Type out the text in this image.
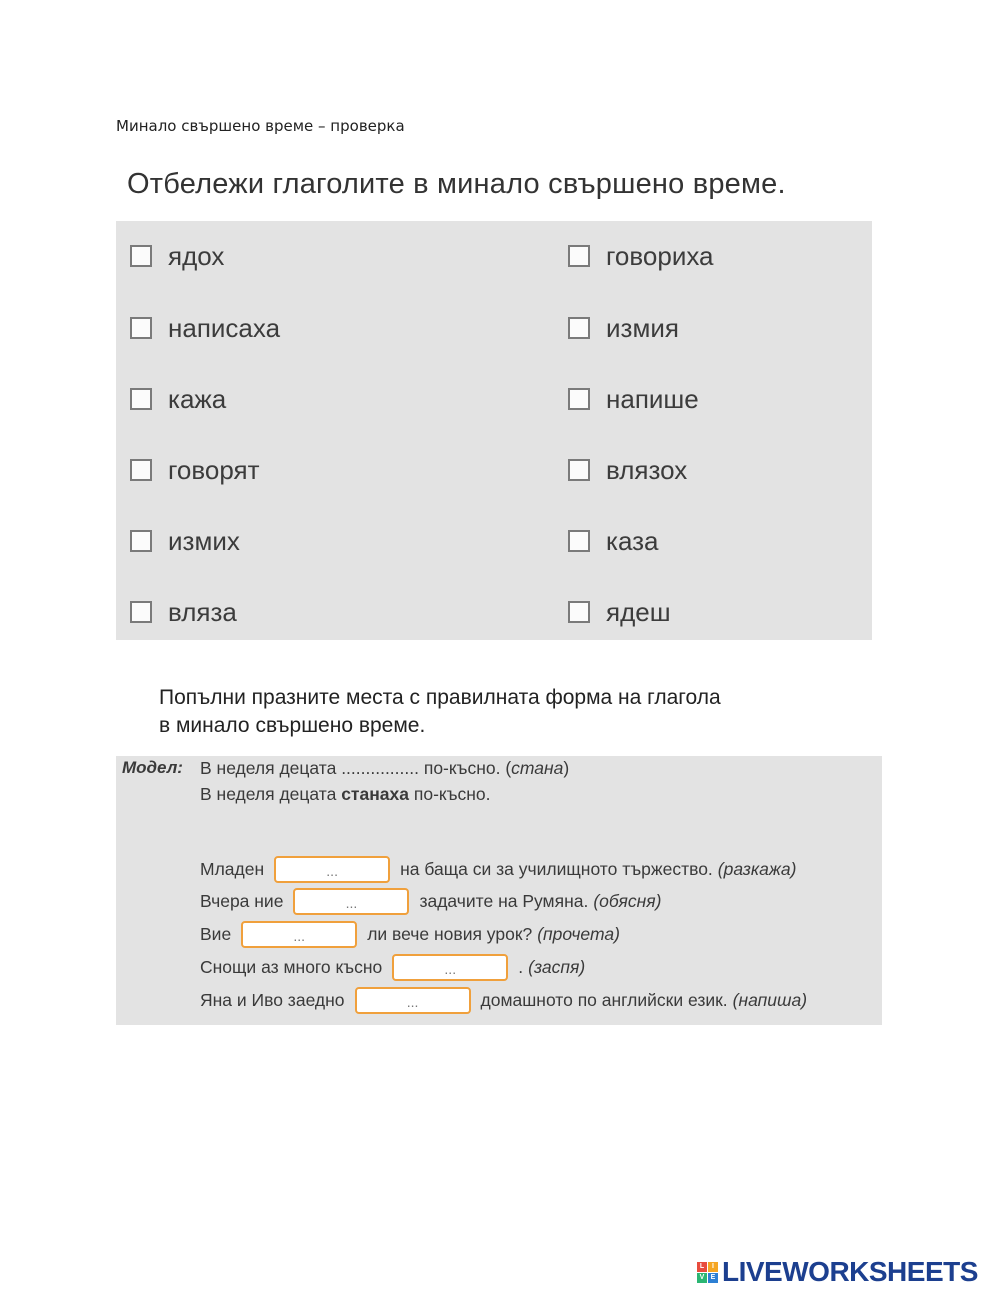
Минало свършено време – проверка
Отбележи глаголите в минало свършено време.
ядох
написаха
кажа
говорят
измих
вляза
говориха
измия
напише
влязох
каза
ядеш
Попълни празните места с правилната форма на глагола
в минало свършено време.
Модел: В неделя децата ................ по-късно. ( стана )
В неделя децата станаха по-късно.
Младен	...	на баща си за училищното тържество. (разкажа)
Вчера ние	...	задачите на Румяна. (обясня)
Вие	...	ли вече новия урок? (прочета)
Снощи аз много късно	...	. (заспя)
Яна и Иво заедно	...	домашното по английски език. (напиша)
L	I
V E LIVEWORKSHEETS
